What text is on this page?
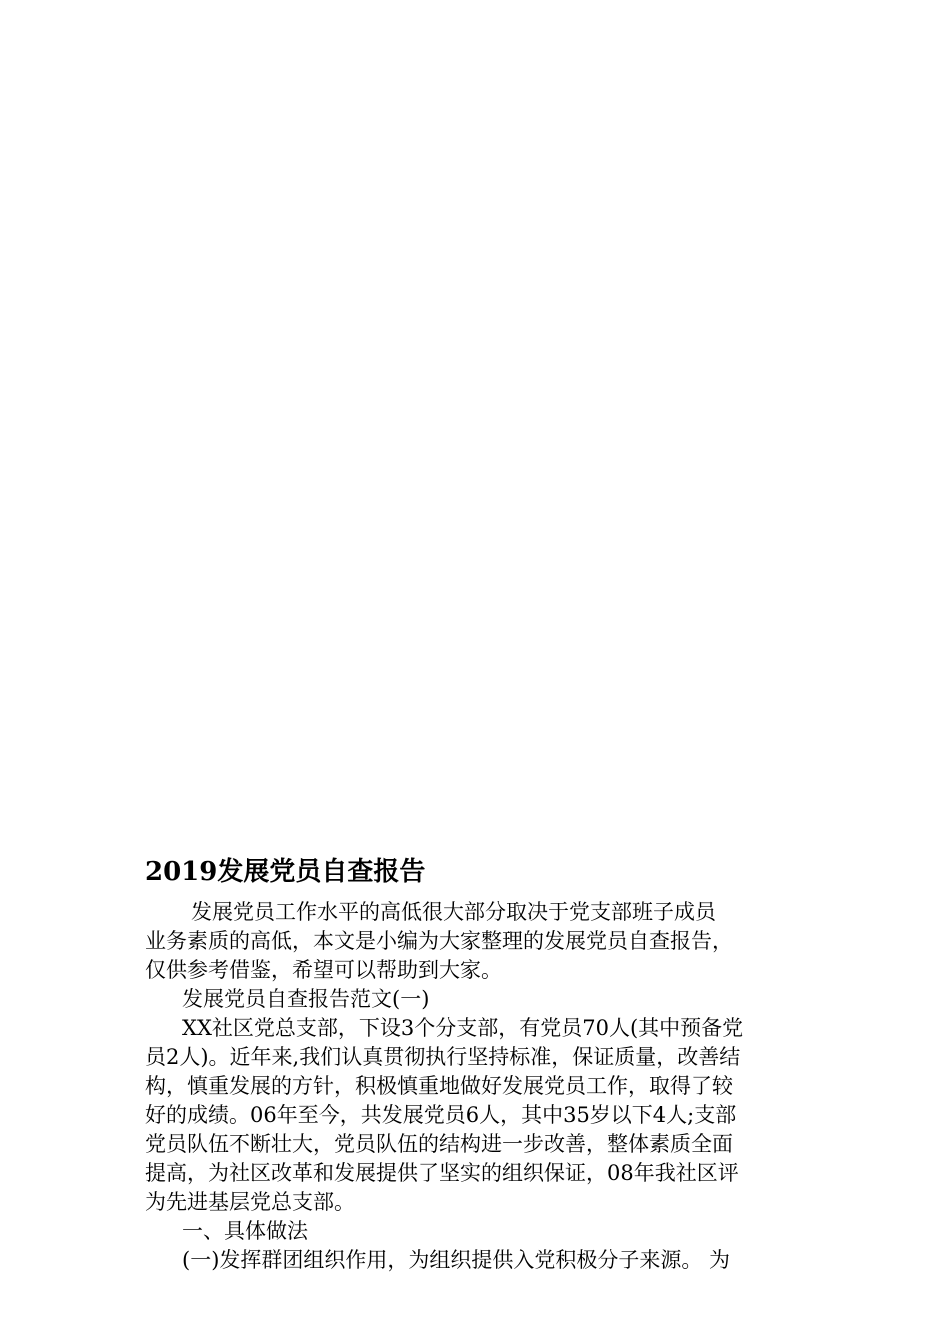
2019发展党员自查报告
发展党员工作水平的高低很大部分取决于党支部班子成员
业务素质的高低，本文是小编为大家整理的发展党员自查报告，
仅供参考借鉴，希望可以帮助到大家。
发展党员自查报告范文(一)
XX社区党总支部，下设3个分支部，有党员70人(其中预备党
员2人)。近年来,我们认真贯彻执行坚持标准，保证质量，改善结
构，慎重发展的方针，积极慎重地做好发展党员工作，取得了较
好的成绩。06年至今，共发展党员6人，其中35岁以下4人;支部
党员队伍不断壮大，党员队伍的结构进一步改善，整体素质全面
提高，为社区改革和发展提供了坚实的组织保证，08年我社区评
为先进基层党总支部。
一、具体做法
(一)发挥群团组织作用，为组织提供入党积极分子来源。 为
